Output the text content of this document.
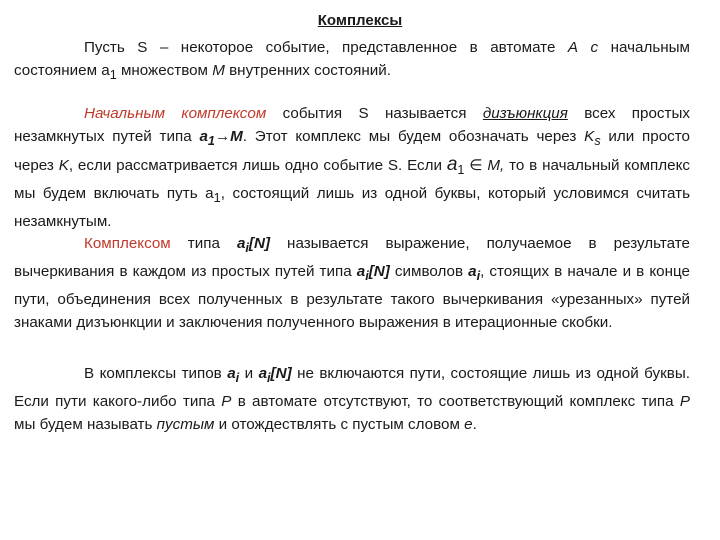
Комплексы
Пусть S – некоторое событие, представленное в автомате А с начальным состоянием $a_1$ множеством М внутренних состояний.
Начальным комплексом события S называется дизъюнкция всех простых незамкнутых путей типа $a_1\to M$. Этот комплекс мы будем обозначать через $K_s$ или просто через K, если рассматривается лишь одно событие S. Если $a_1$ ∈ M, то в начальный комплекс мы будем включать путь $a_1$, состоящий лишь из одной буквы, который условимся считать незамкнутым.
Комплексом типа $a_i[N]$ называется выражение, получаемое в результате вычеркивания в каждом из простых путей типа $a_i[N]$ символов $a_i$, стоящих в начале и в конце пути, объединения всех полученных в результате такого вычеркивания «урезанных» путей знаками дизъюнкции и заключения полученного выражения в итерационные скобки.
В комплексы типов $a_i$ и $a_i[N]$ не включаются пути, состоящие лишь из одной буквы. Если пути какого-либо типа Р в автомате отсутствуют, то соответствующий комплекс типа Р мы будем называть пустым и отождествлять с пустым словом е.
